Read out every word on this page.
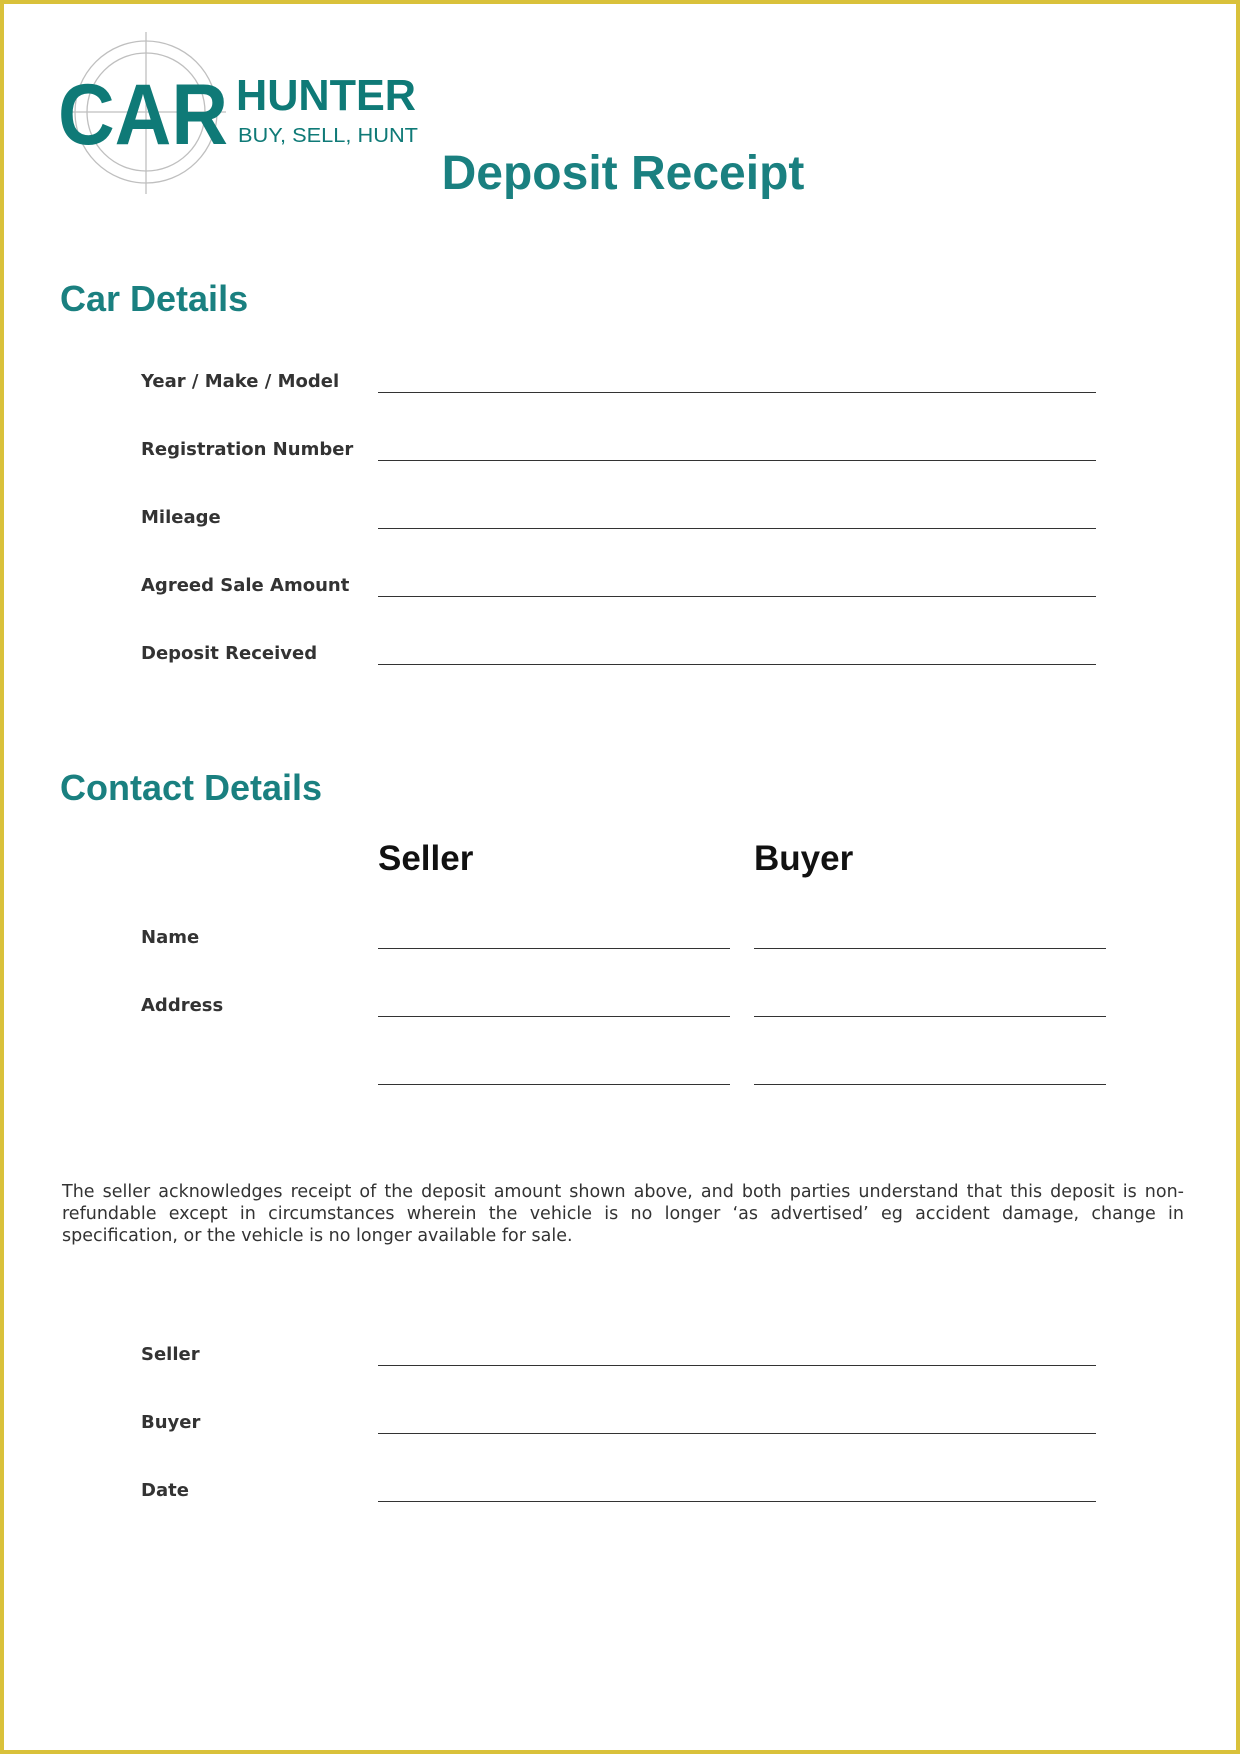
CAR HUNTER
BUY, SELL, HUNT
Deposit Receipt
Car Details
Year / Make / Model
Registration Number
Mileage
Agreed Sale Amount
Deposit Received
Contact Details
Seller	Buyer
Name
Address

The seller acknowledges receipt of the deposit amount shown above, and both parties understand that this deposit is non-refundable except in circumstances wherein the vehicle is no longer ‘as advertised’ eg accident damage, change in specification, or the vehicle is no longer available for sale.

Seller
Buyer
Date
